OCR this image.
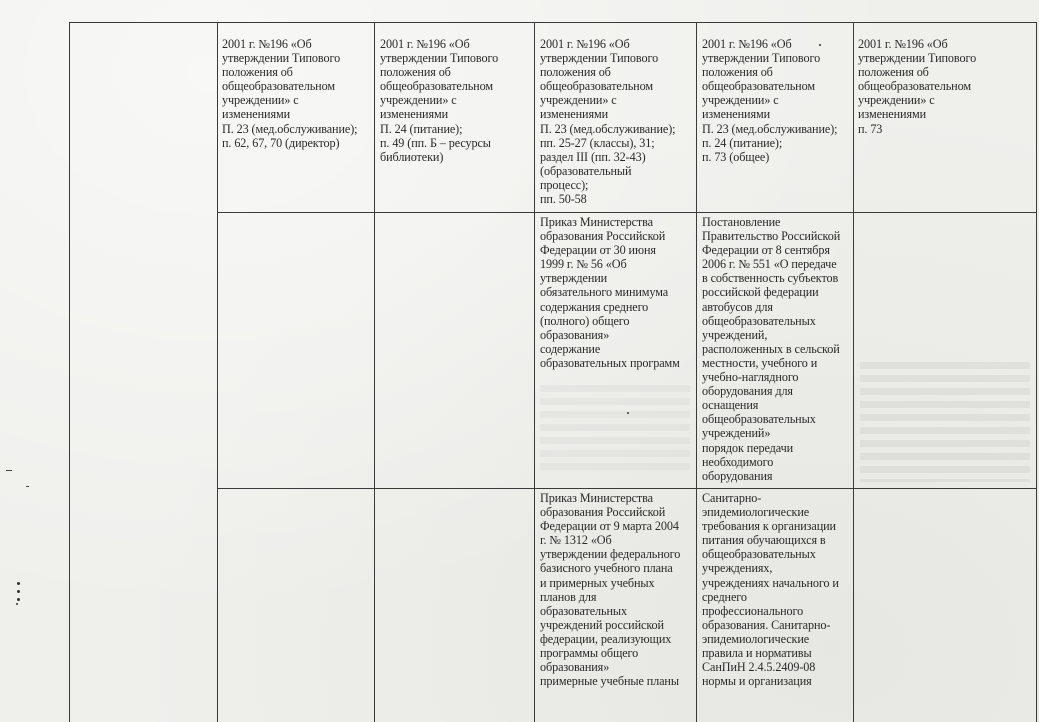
2001 г. №196 «Об
утверждении Типового
положения об
общеобразовательном
учреждении» с
изменениями
П. 23 (мед.обслуживание);
п. 62, 67, 70 (директор)
2001 г. №196 «Об
утверждении Типового
положения об
общеобразовательном
учреждении» с
изменениями
П. 24 (питание);
п. 49 (пп. Б – ресурсы
библиотеки)
2001 г. №196 «Об
утверждении Типового
положения об
общеобразовательном
учреждении» с
изменениями
П. 23 (мед.обслуживание);
пп. 25-27 (классы), 31;
раздел III (пп. 32-43)
(образовательный
процесс);
пп. 50-58
2001 г. №196 «Об
утверждении Типового
положения об
общеобразовательном
учреждении» с
изменениями
П. 23 (мед.обслуживание);
п. 24 (питание);
п. 73 (общее)
2001 г. №196 «Об
утверждении Типового
положения об
общеобразовательном
учреждении» с
изменениями
п. 73
Приказ Министерства
образования Российской
Федерации от 30 июня
1999 г. № 56 «Об
утверждении
обязательного минимума
содержания среднего
(полного) общего
образования»
содержание
образовательных программ
Постановление
Правительство Российской
Федерации от 8 сентября
2006 г. № 551 «О передаче
в собственность субъектов
российской федерации
автобусов для
общеобразовательных
учреждений,
расположенных в сельской
местности, учебного и
учебно-наглядного
оборудования для
оснащения
общеобразовательных
учреждений»
порядок передачи
необходимого
оборудования
Приказ Министерства
образования Российской
Федерации от 9 марта 2004
г. № 1312 «Об
утверждении федерального
базисного учебного плана
и примерных учебных
планов для
образовательных
учреждений российской
федерации, реализующих
программы общего
образования»
примерные учебные планы
Санитарно-
эпидемиологические
требования к организации
питания обучающихся в
общеобразовательных
учреждениях,
учреждениях начального и
среднего
профессионального
образования. Санитарно-
эпидемиологические
правила и нормативы
СанПиН 2.4.5.2409-08
нормы и организация
